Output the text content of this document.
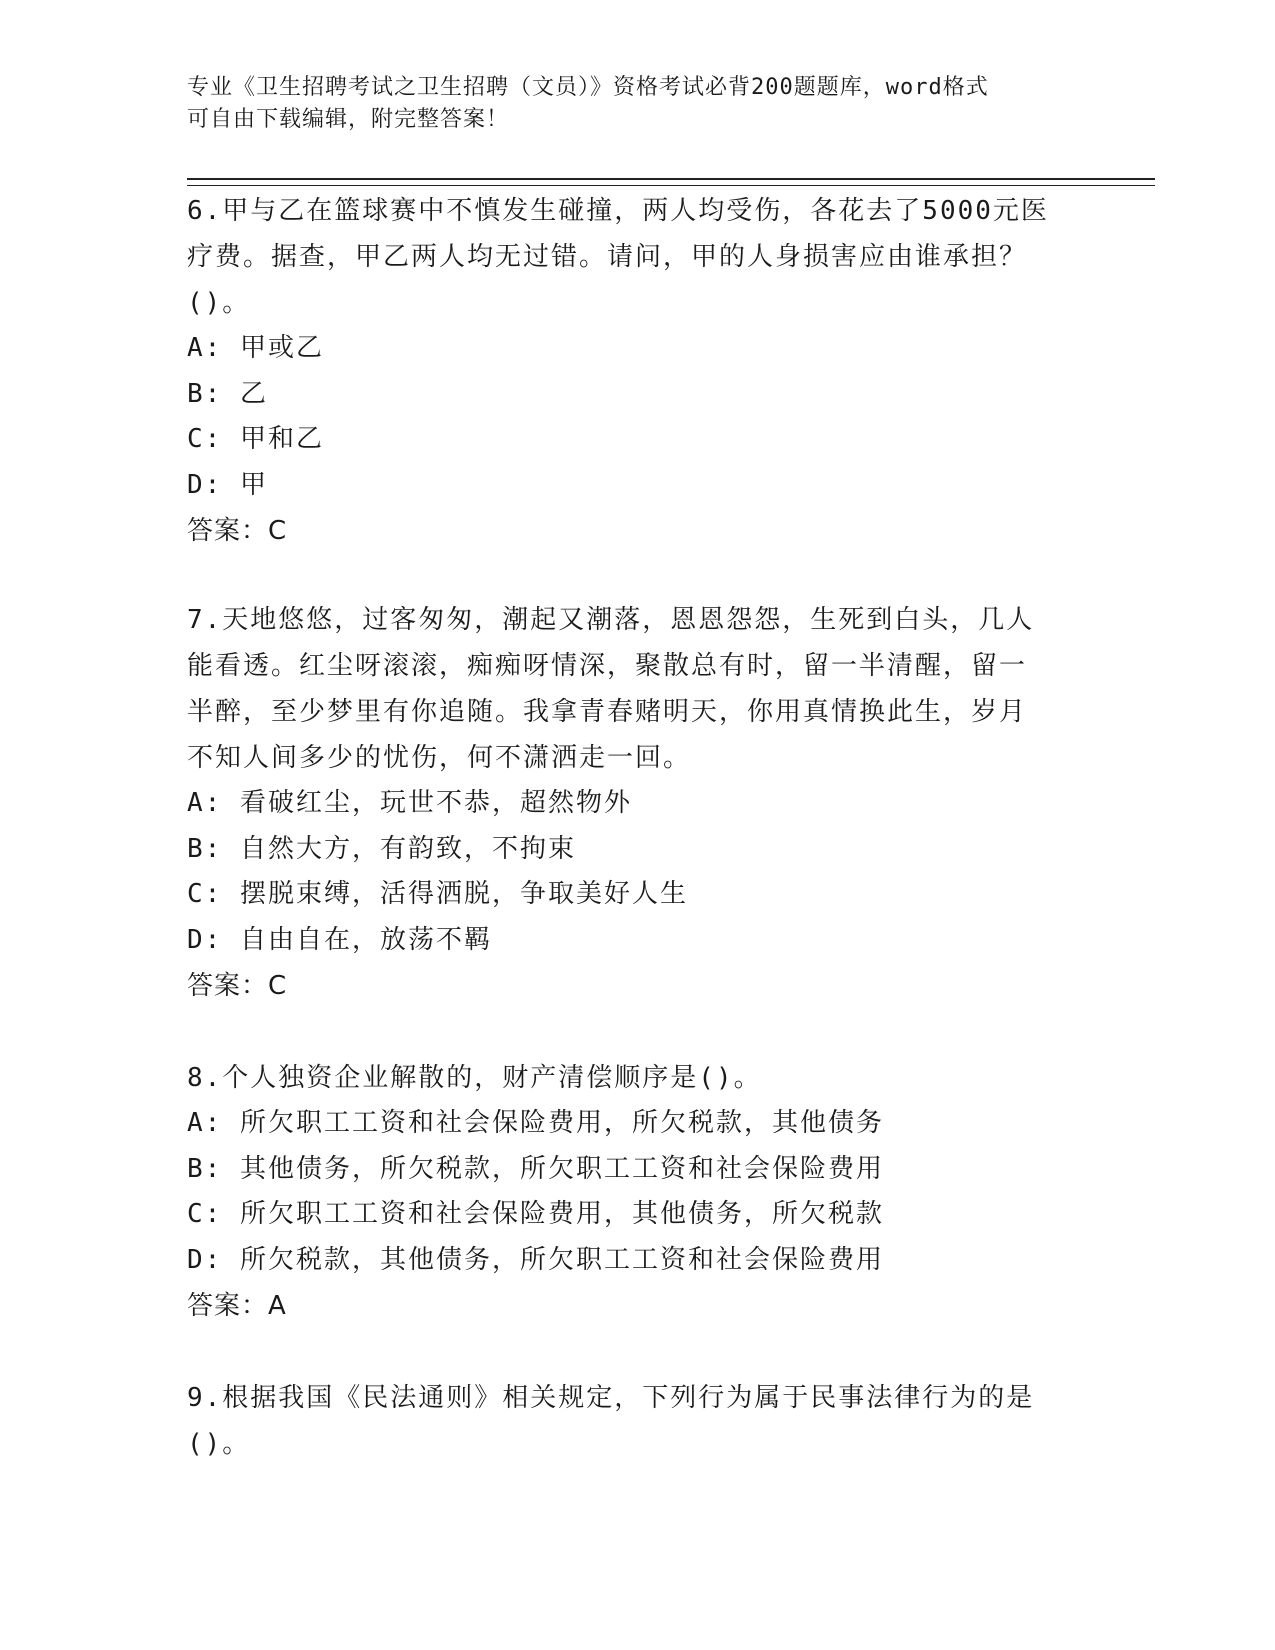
专业《卫生招聘考试之卫生招聘（文员）》资格考试必背200题题库，word格式
可自由下载编辑，附完整答案！
6.甲与乙在篮球赛中不慎发生碰撞，两人均受伤，各花去了5000元医
疗费。据查，甲乙两人均无过错。请问，甲的人身损害应由谁承担？
()。
A: 甲或乙
B: 乙
C: 甲和乙
D: 甲
答案：C
7.天地悠悠，过客匆匆，潮起又潮落，恩恩怨怨，生死到白头，几人
能看透。红尘呀滚滚，痴痴呀情深，聚散总有时，留一半清醒，留一
半醉，至少梦里有你追随。我拿青春赌明天，你用真情换此生，岁月
不知人间多少的忧伤，何不潇洒走一回。
A: 看破红尘，玩世不恭，超然物外
B: 自然大方，有韵致，不拘束
C: 摆脱束缚，活得洒脱，争取美好人生
D: 自由自在，放荡不羁
答案：C
8.个人独资企业解散的，财产清偿顺序是()。
A: 所欠职工工资和社会保险费用，所欠税款，其他债务
B: 其他债务，所欠税款，所欠职工工资和社会保险费用
C: 所欠职工工资和社会保险费用，其他债务，所欠税款
D: 所欠税款，其他债务，所欠职工工资和社会保险费用
答案：A
9.根据我国《民法通则》相关规定，下列行为属于民事法律行为的是
()。
